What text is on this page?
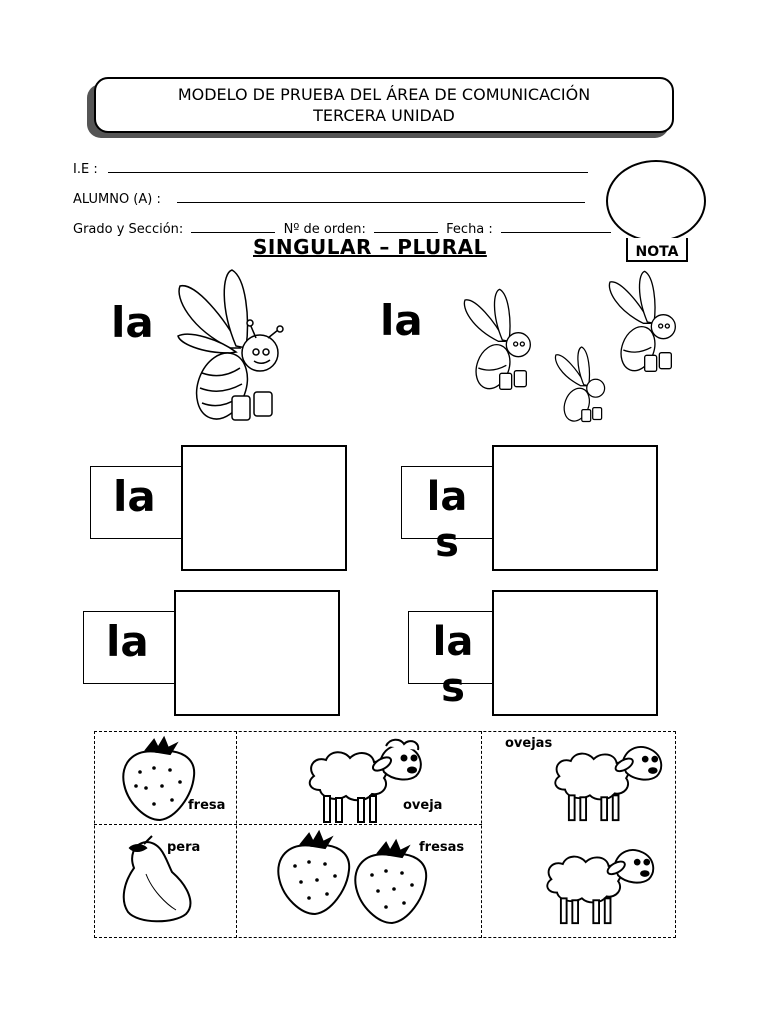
MODELO DE PRUEBA DEL ÁREA DE COMUNICACIÓN
TERCERA UNIDAD
I.E :
ALUMNO (A) :
Grado y Sección:	Nº de orden:	Fecha :
NOTA
SINGULAR – PLURAL
la	la
la	la
s
la	la
s
fresa	oveja
ovejas
pera	fresas
